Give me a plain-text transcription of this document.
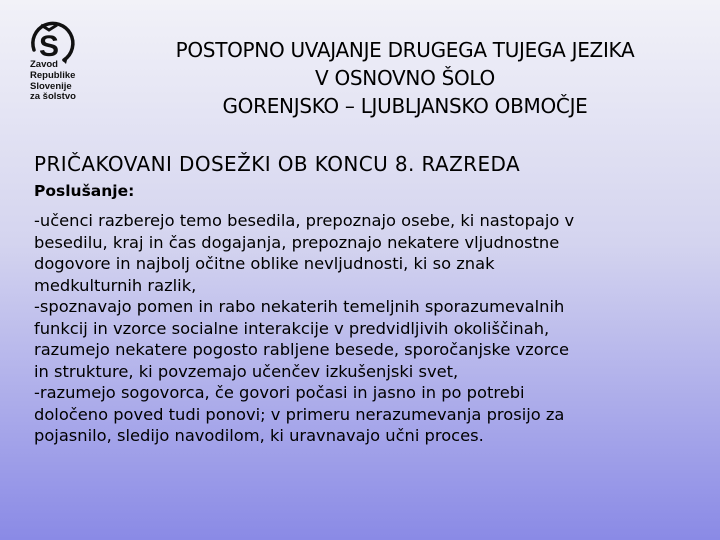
S
Zavod
Republike
Slovenije
za šolstvo
POSTOPNO UVAJANJE DRUGEGA TUJEGA JEZIKA
V OSNOVNO ŠOLO
GORENJSKO – LJUBLJANSKO OBMOČJE
PRIČAKOVANI DOSEŽKI OB KONCU 8. RAZREDA
Poslušanje:
-učenci razberejo temo besedila, prepoznajo osebe, ki nastopajo v
besedilu, kraj in čas dogajanja, prepoznajo nekatere vljudnostne
dogovore in najbolj očitne oblike nevljudnosti, ki so znak
medkulturnih razlik,
-spoznavajo pomen in rabo nekaterih temeljnih sporazumevalnih
funkcij in vzorce socialne interakcije v predvidljivih okoliščinah,
razumejo nekatere pogosto rabljene besede, sporočanjske vzorce
in strukture, ki povzemajo učenčev izkušenjski svet,
-razumejo sogovorca, če govori počasi in jasno in po potrebi
določeno poved tudi ponovi; v primeru nerazumevanja prosijo za
pojasnilo, sledijo navodilom, ki uravnavajo učni proces.
